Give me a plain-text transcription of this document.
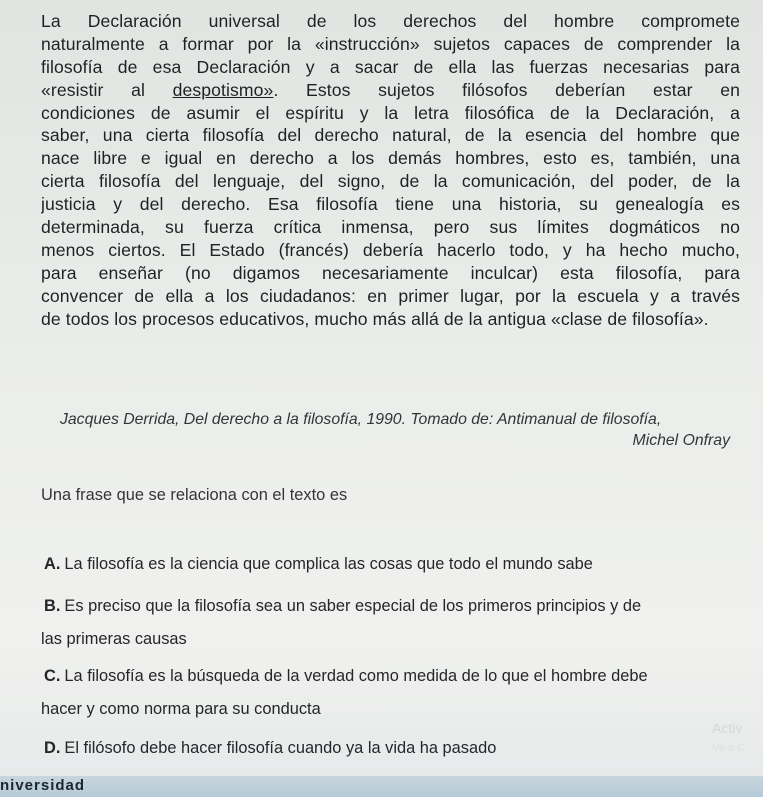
La Declaración universal de los derechos del hombre compromete
naturalmente a formar por la «instrucción» sujetos capaces de comprender la
filosofía de esa Declaración y a sacar de ella las fuerzas necesarias para
«resistir al despotismo». Estos sujetos filósofos deberían estar en
condiciones de asumir el espíritu y la letra filosófica de la Declaración, a
saber, una cierta filosofía del derecho natural, de la esencia del hombre que
nace libre e igual en derecho a los demás hombres, esto es, también, una
cierta filosofía del lenguaje, del signo, de la comunicación, del poder, de la
justicia y del derecho. Esa filosofía tiene una historia, su genealogía es
determinada, su fuerza crítica inmensa, pero sus límites dogmáticos no
menos ciertos. El Estado (francés) debería hacerlo todo, y ha hecho mucho,
para enseñar (no digamos necesariamente inculcar) esta filosofía, para
convencer de ella a los ciudadanos: en primer lugar, por la escuela y a través
de todos los procesos educativos, mucho más allá de la antigua «clase de filosofía».
Jacques Derrida, Del derecho a la filosofía, 1990. Tomado de: Antimanual de filosofía,
Michel Onfray
Una frase que se relaciona con el texto es
A. La filosofía es la ciencia que complica las cosas que todo el mundo sabe
B. Es preciso que la filosofía sea un saber especial de los primeros principios y de
las primeras causas
C. La filosofía es la búsqueda de la verdad como medida de lo que el hombre debe
hacer y como norma para su conducta
D. El filósofo debe hacer filosofía cuando ya la vida ha pasado
Activ
Ve a C
niversidad
